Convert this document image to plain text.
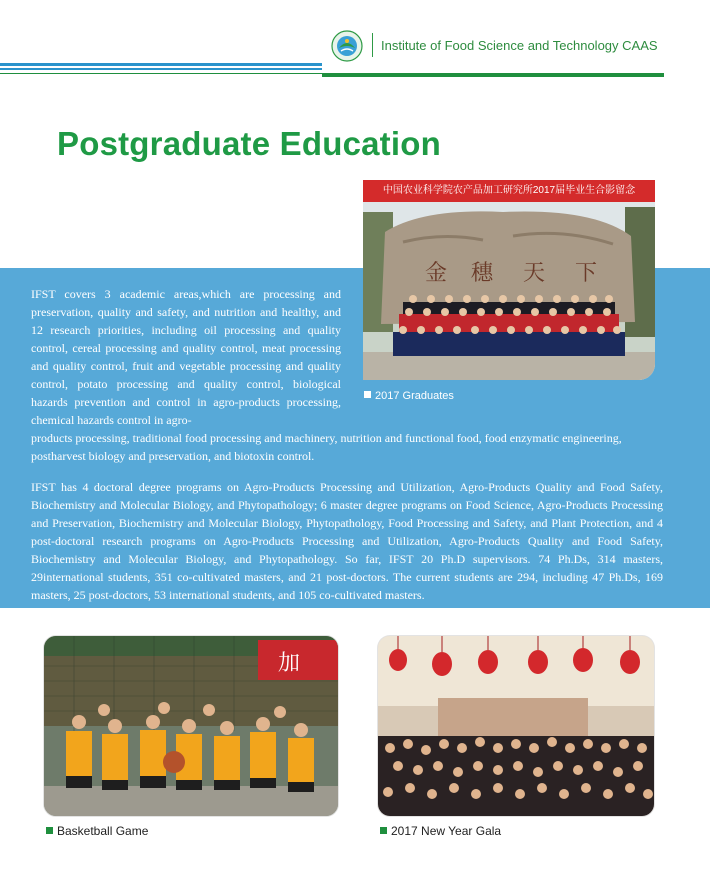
Institute of Food Science and Technology CAAS
Postgraduate Education

IFST covers 3 academic areas,which are processing and preservation, quality and safety, and nutrition and healthy, and 12 research priorities, including oil processing and quality control, cereal processing and quality control, meat processing and quality control, fruit and vegetable processing and quality control, potato processing and quality control, biological hazards prevention and control in agro-products processing, chemical hazards control in agro-

products processing, traditional food processing and machinery, nutrition and functional food, food enzymatic engineering, postharvest biology and preservation, and biotoxin control.

IFST has 4 doctoral degree programs on Agro-Products Processing and Utilization, Agro-Products Quality and Food Safety, Biochemistry and Molecular Biology, and Phytopathology; 6 master degree programs on Food Science, Agro-Products Processing and Preservation, Biochemistry and Molecular Biology, Phytopathology, Food Processing and Safety, and Plant Protection, and 4 post-doctoral research programs on Agro-Products Processing and Utilization, Agro-Products Quality and Food Safety, Biochemistry and Molecular Biology, and Phytopathology. So far, IFST 20 Ph.D supervisors. 74 Ph.Ds, 314 masters, 29international students, 351 co-cultivated masters, and 21 post-doctors. The current students are 294, including 47 Ph.Ds, 169 masters, 25 post-doctors, 53 international students, and 105 co-cultivated masters.

中国农业科学院农产品加工研究所2017届毕业生合影留念
金 穗 天 下
2017 Graduates
加
Basketball Game	2017 New Year Gala
